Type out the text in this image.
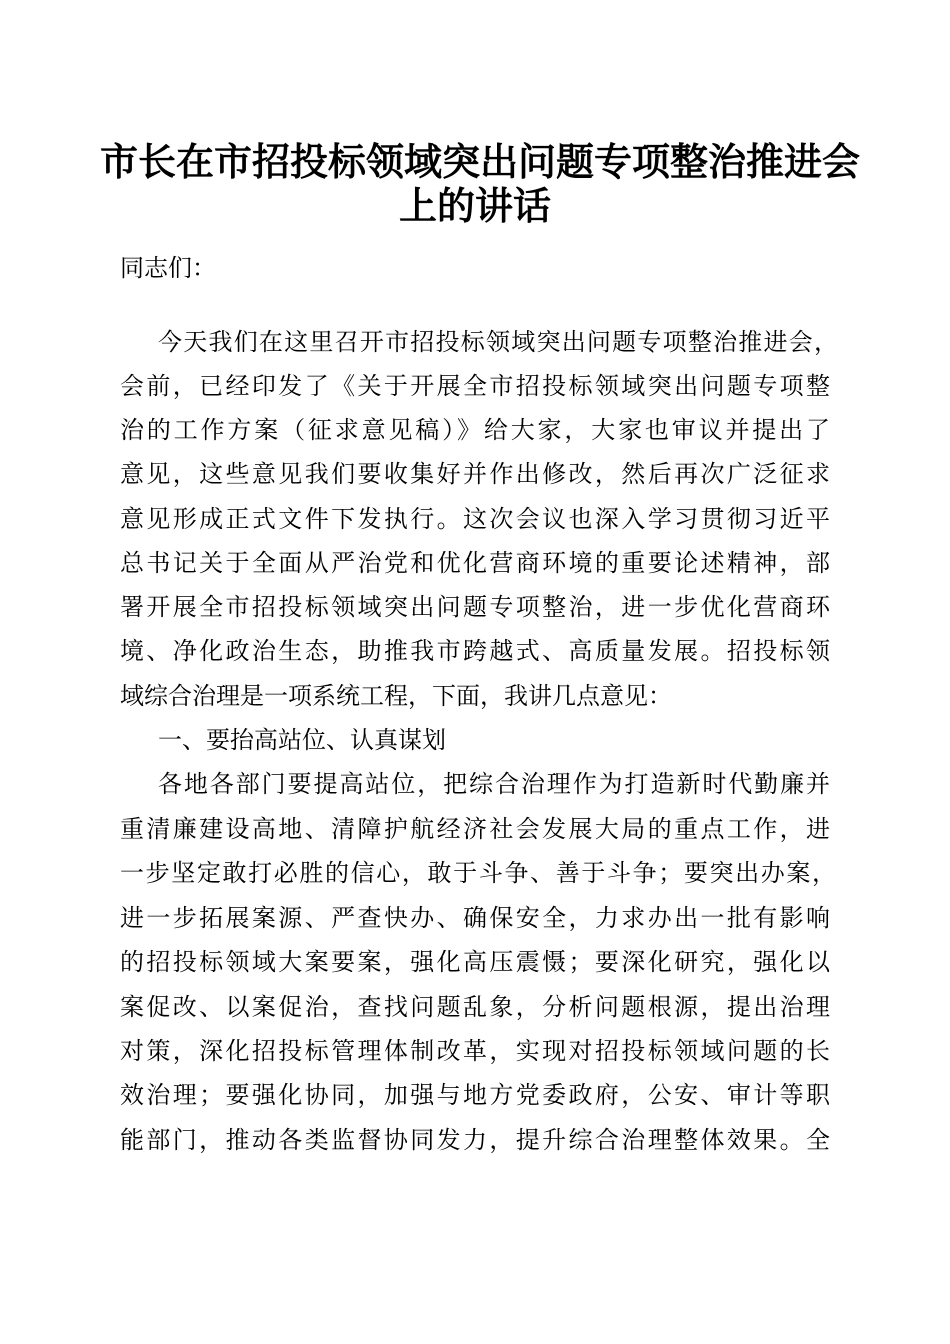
市长在市招投标领域突出问题专项整治推进会
上的讲话
同志们：
今天我们在这里召开市招投标领域突出问题专项整治推进会，
会前，已经印发了《关于开展全市招投标领域突出问题专项整
治的工作方案（征求意见稿）》给大家，大家也审议并提出了
意见，这些意见我们要收集好并作出修改，然后再次广泛征求
意见形成正式文件下发执行。这次会议也深入学习贯彻习近平
总书记关于全面从严治党和优化营商环境的重要论述精神，部
署开展全市招投标领域突出问题专项整治，进一步优化营商环
境、净化政治生态，助推我市跨越式、高质量发展。招投标领
域综合治理是一项系统工程，下面，我讲几点意见：
一、要抬高站位、认真谋划
各地各部门要提高站位，把综合治理作为打造新时代勤廉并
重清廉建设高地、清障护航经济社会发展大局的重点工作，进
一步坚定敢打必胜的信心，敢于斗争、善于斗争；要突出办案，
进一步拓展案源、严查快办、确保安全，力求办出一批有影响
的招投标领域大案要案，强化高压震慑；要深化研究，强化以
案促改、以案促治，查找问题乱象，分析问题根源，提出治理
对策，深化招投标管理体制改革，实现对招投标领域问题的长
效治理；要强化协同，加强与地方党委政府，公安、审计等职
能部门，推动各类监督协同发力，提升综合治理整体效果。全
